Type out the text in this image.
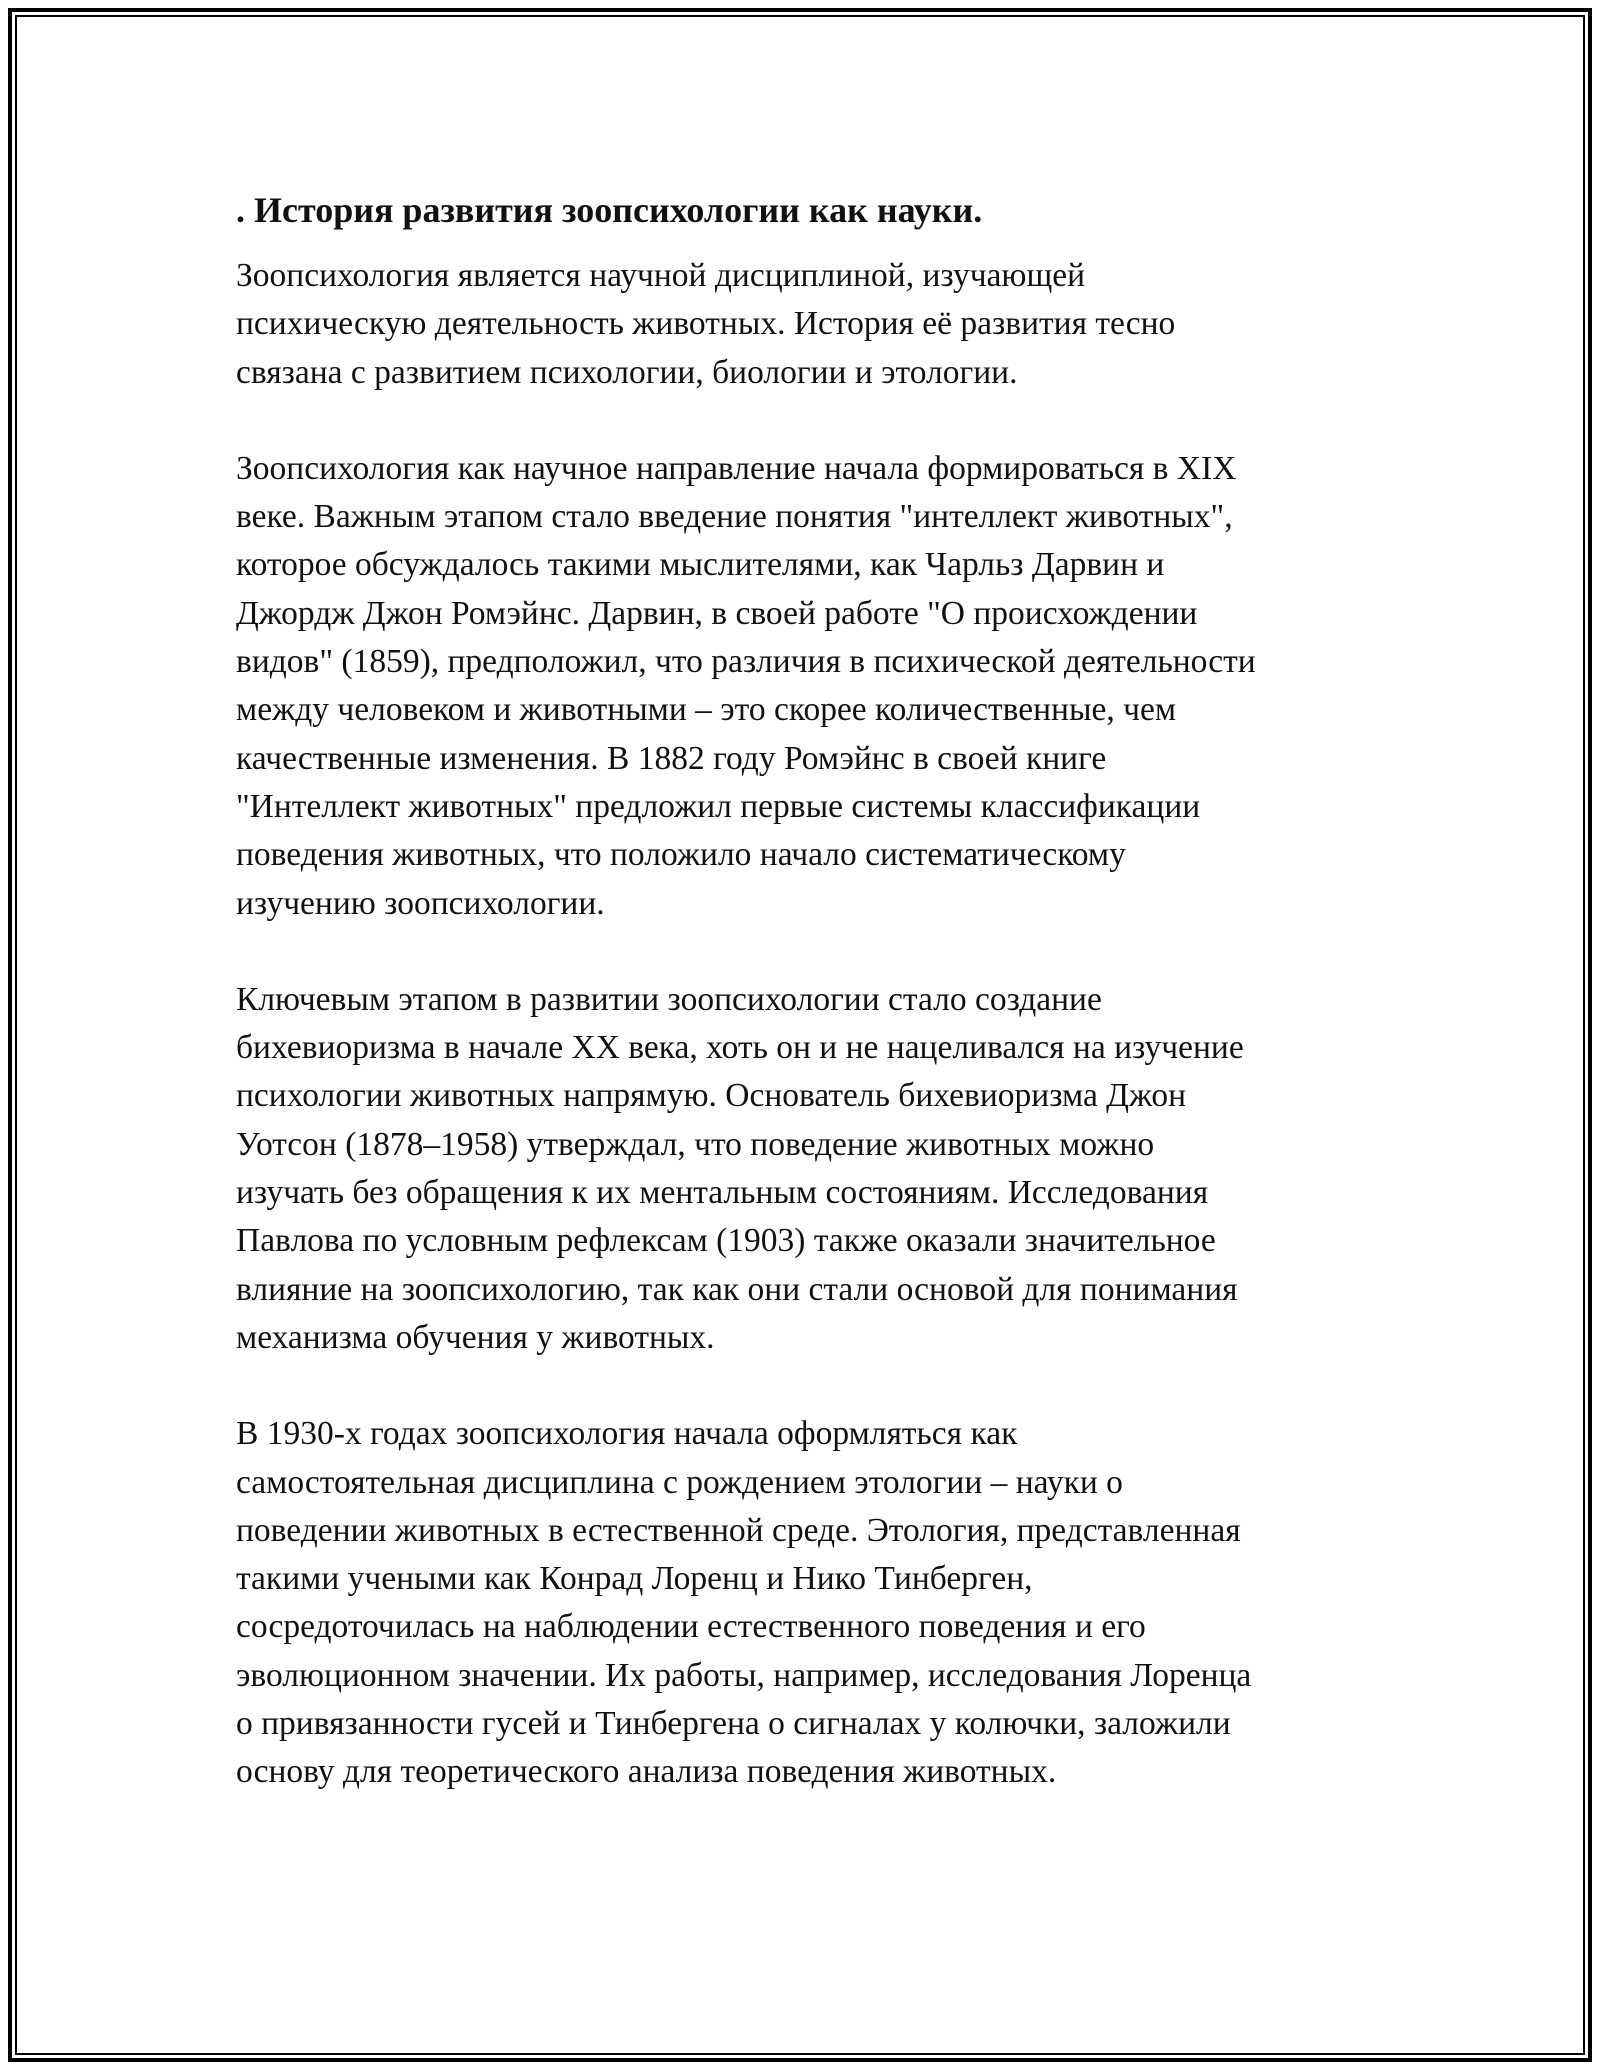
. История развития зоопсихологии как науки.
Зоопсихология является научной дисциплиной, изучающей
психическую деятельность животных. История её развития тесно
связана с развитием психологии, биологии и этологии.
Зоопсихология как научное направление начала формироваться в XIX
веке. Важным этапом стало введение понятия "интеллект животных",
которое обсуждалось такими мыслителями, как Чарльз Дарвин и
Джордж Джон Ромэйнс. Дарвин, в своей работе "О происхождении
видов" (1859), предположил, что различия в психической деятельности
между человеком и животными – это скорее количественные, чем
качественные изменения. В 1882 году Ромэйнс в своей книге
"Интеллект животных" предложил первые системы классификации
поведения животных, что положило начало систематическому
изучению зоопсихологии.
Ключевым этапом в развитии зоопсихологии стало создание
бихевиоризма в начале XX века, хоть он и не нацеливался на изучение
психологии животных напрямую. Основатель бихевиоризма Джон
Уотсон (1878–1958) утверждал, что поведение животных можно
изучать без обращения к их ментальным состояниям. Исследования
Павлова по условным рефлексам (1903) также оказали значительное
влияние на зоопсихологию, так как они стали основой для понимания
механизма обучения у животных.
В 1930-х годах зоопсихология начала оформляться как
самостоятельная дисциплина с рождением этологии – науки о
поведении животных в естественной среде. Этология, представленная
такими учеными как Конрад Лоренц и Нико Тинберген,
сосредоточилась на наблюдении естественного поведения и его
эволюционном значении. Их работы, например, исследования Лоренца
о привязанности гусей и Тинбергена о сигналах у колючки, заложили
основу для теоретического анализа поведения животных.
